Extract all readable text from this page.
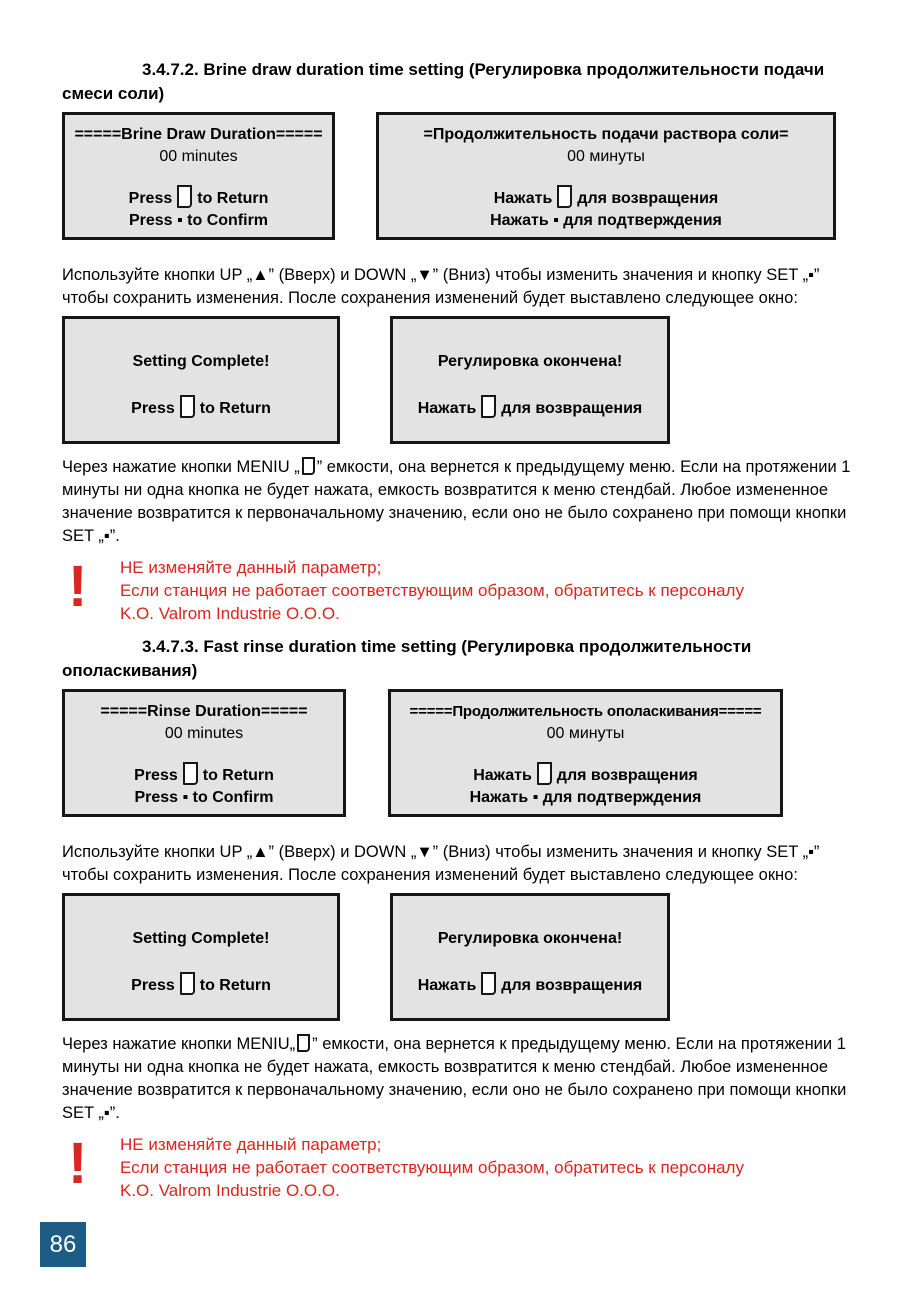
3.4.7.2. Brine draw duration time setting (Регулировка продолжительности подачи смеси соли)
=====Brine Draw Duration=====
00 minutes
Press to Return
Press ▪ to Confirm
=Продолжительность подачи раствора соли=
00 минуты
Нажать для возвращения
Нажать ▪ для подтверждения

Используйте кнопки UP „▲” (Вверх) и DOWN „▼” (Вниз) чтобы изменить значения и кнопку SET „▪” чтобы сохранить изменения. После сохранения изменений будет выставлено следующее окно:

Setting Complete!
Press to Return
Регулировка окончена!
Нажать для возвращения

Через нажатие кнопки MENIU „ ” емкости, она вернется к предыдущему меню. Если на протяжении 1 минуты ни одна кнопка не будет нажата, емкость возвратится к меню стендбай. Любое измененное значение возвратится к первоначальному значению, если оно не было сохранено при помощи кнопки SET „▪”.

!	НЕ изменяйте данный параметр;
Если станция не работает соответствующим образом, обратитесь к персоналу
K.O. Valrom Industrie O.O.O.
3.4.7.3. Fast rinse duration time setting (Регулировка продолжительности ополаскивания)
=====Rinse Duration=====
00 minutes
Press to Return
Press ▪ to Confirm
=====Продолжительность ополаскивания=====
00 минуты
Нажать для возвращения
Нажать ▪ для подтверждения

Используйте кнопки UP „▲” (Вверх) и DOWN „▼” (Вниз) чтобы изменить значения и кнопку SET „▪” чтобы сохранить изменения. После сохранения изменений будет выставлено следующее окно:

Setting Complete!
Press to Return
Регулировка окончена!
Нажать для возвращения

Через нажатие кнопки MENIU„ ” емкости, она вернется к предыдущему меню. Если на протяжении 1 минуты ни одна кнопка не будет нажата, емкость возвратится к меню стендбай. Любое измененное значение возвратится к первоначальному значению, если оно не было сохранено при помощи кнопки SET „▪”.

!	НЕ изменяйте данный параметр;
Если станция не работает соответствующим образом, обратитесь к персоналу
K.O. Valrom Industrie O.O.O.
86
